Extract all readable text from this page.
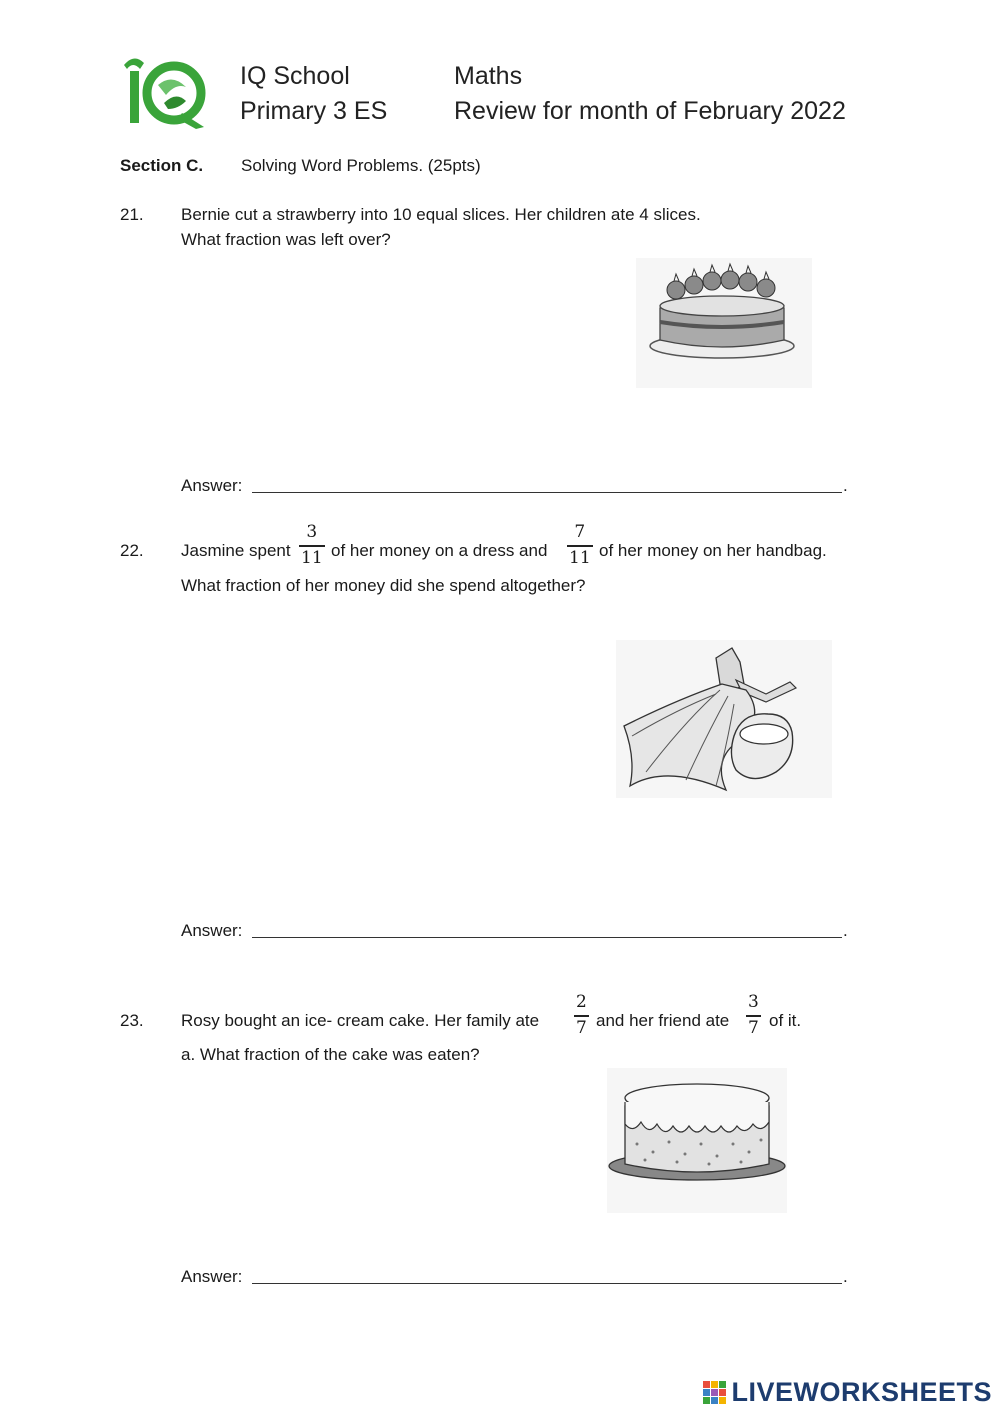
IQ School
Primary 3 ES
Maths
Review for month of February 2022
Section C. Solving Word Problems. (25pts)
21. Bernie cut a strawberry into 10 equal slices. Her children ate 4 slices.
What fraction was left over?
Answer:	.
22. Jasmine spent
3
11 of her money on a dress and
7
11 of her money on her handbag.
What fraction of her money did she spend altogether?
Answer:	.
23. Rosy bought an ice- cream cake. Her family ate
2
7 and her friend ate
3
7 of it.
a. What fraction of the cake was eaten?
Answer:	.
LIVEWORKSHEETS
